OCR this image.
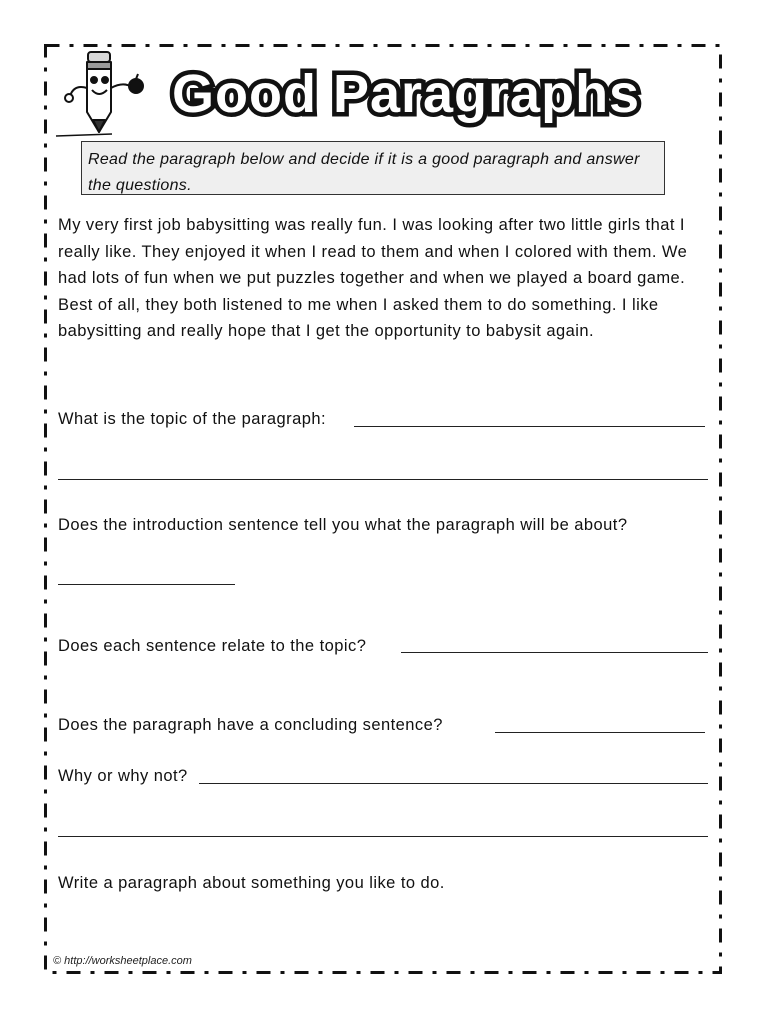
Good Paragraphs
Read the paragraph below and decide if it is a good paragraph and answer the questions.
My very first job babysitting was really fun. I was looking after two little girls that I really like. They enjoyed it when I read to them and when I colored with them. We had lots of fun when we put puzzles together and when we played a board game. Best of all, they both listened to me when I asked them to do something. I like babysitting and really hope that I get the opportunity to babysit again.
What is the topic of the paragraph:
Does the introduction sentence tell you what the paragraph will be about?
Does each sentence relate to the topic?
Does the paragraph have a concluding sentence?
Why or why not?
Write a paragraph about something you like to do.
© http://worksheetplace.com
